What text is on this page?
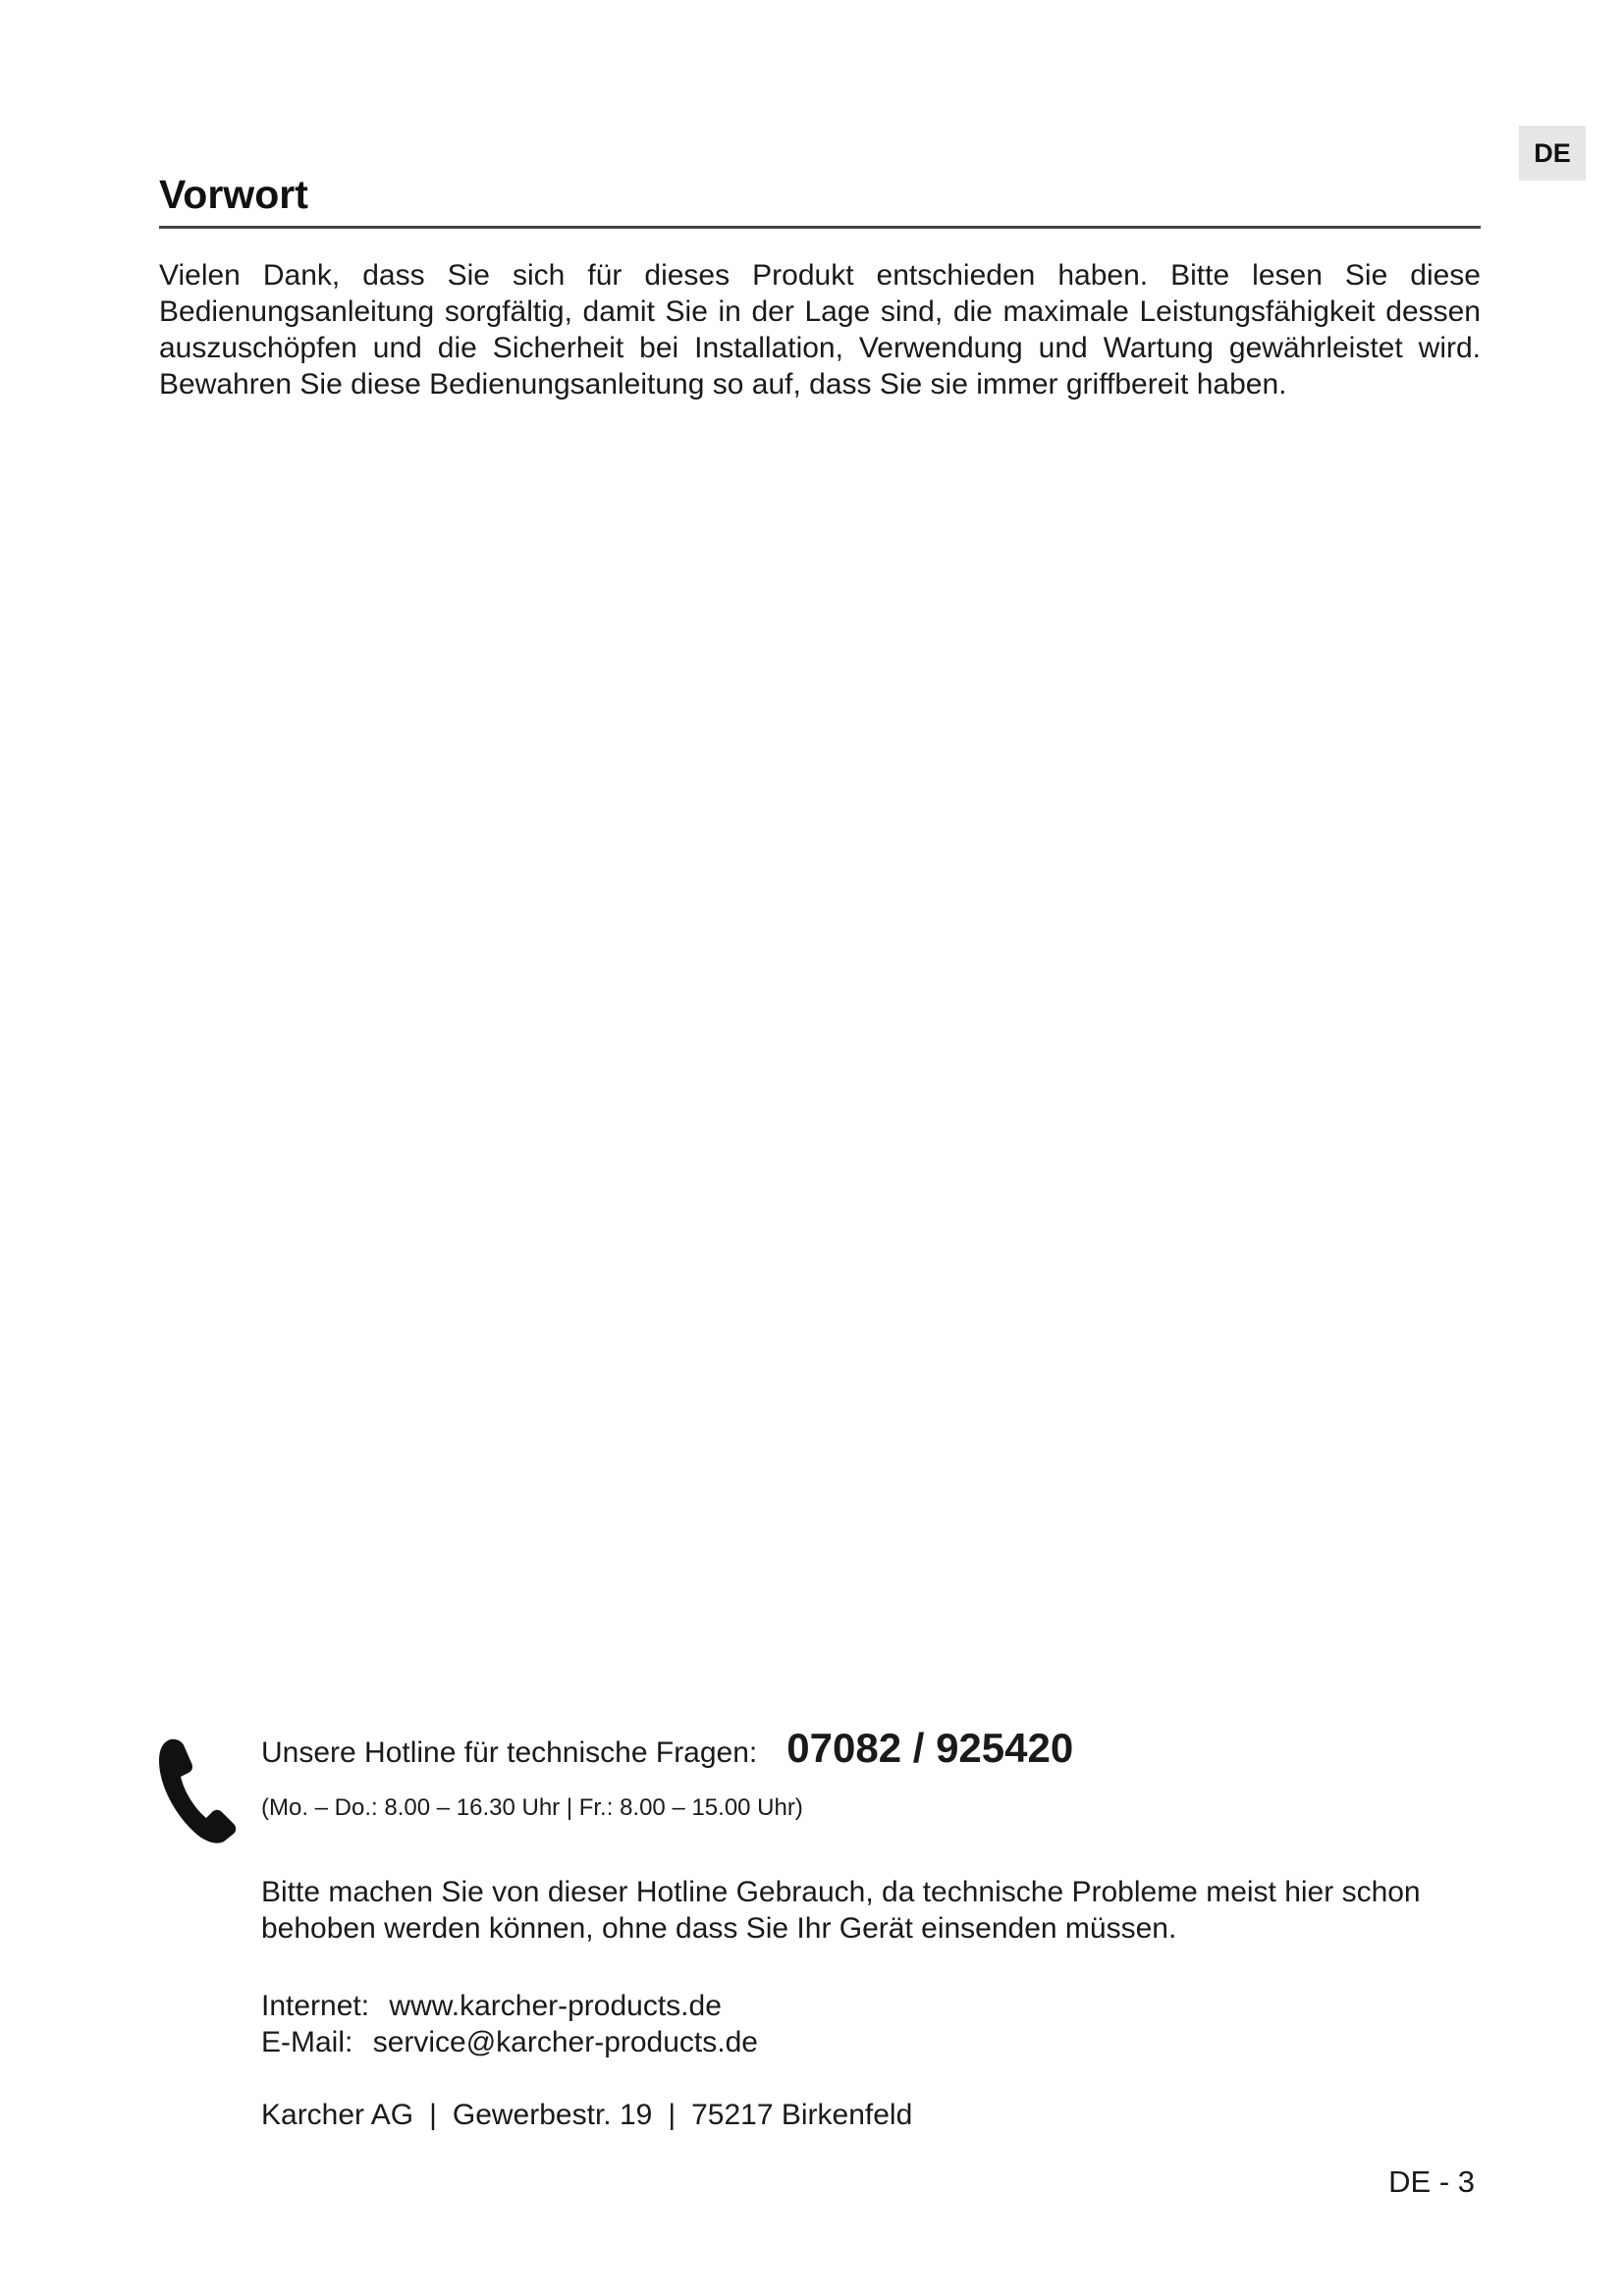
DE
Vorwort

Vielen Dank, dass Sie sich für dieses Produkt entschieden haben. Bitte lesen Sie diese Bedienungsanleitung sorgfältig, damit Sie in der Lage sind, die maximale Leistungsfähigkeit dessen auszuschöpfen und die Sicherheit bei Installation, Verwendung und Wartung gewährleistet wird. Bewahren Sie diese Bedienungsanleitung so auf, dass Sie sie immer griffbereit haben.

Unsere Hotline für technische Fragen: 07082 / 925420
(Mo. – Do.: 8.00 – 16.30 Uhr | Fr.: 8.00 – 15.00 Uhr)

Bitte machen Sie von dieser Hotline Gebrauch, da technische Probleme meist hier schon behoben werden können, ohne dass Sie Ihr Gerät einsenden müssen.

Internet: www.karcher-products.de
E-Mail: service@karcher-products.de
Karcher AG | Gewerbestr. 19 | 75217 Birkenfeld
DE - 3
